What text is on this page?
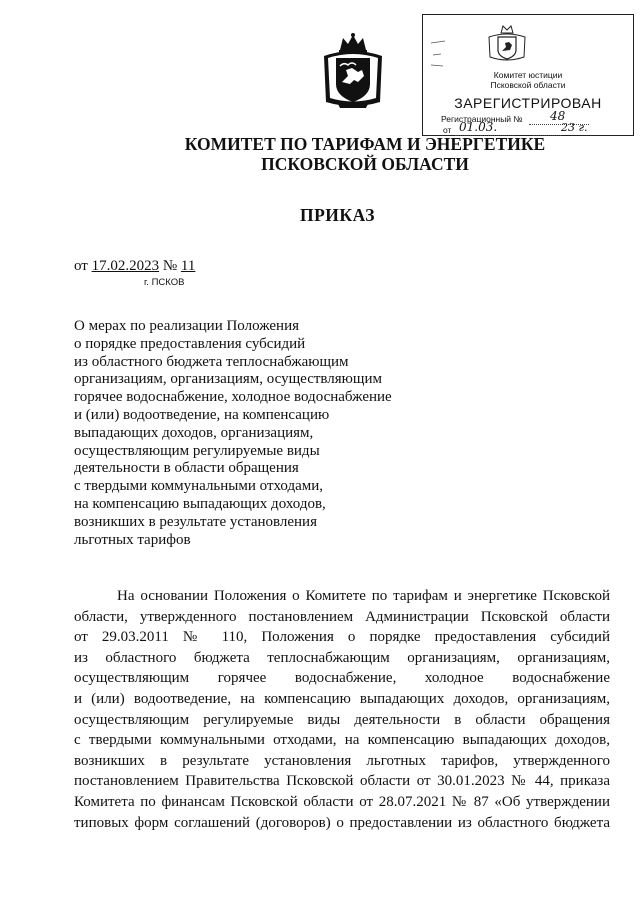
Комитет юстиции
Псковской области
ЗАРЕГИСТРИРОВАН
Регистрационный № 48
от 01.03.	23 г.
КОМИТЕТ ПО ТАРИФАМ И ЭНЕРГЕТИКЕ
ПСКОВСКОЙ ОБЛАСТИ
ПРИКАЗ
от 17.02.2023 № 11
г. ПСКОВ
О мерах по реализации Положения
о порядке предоставления субсидий
из областного бюджета теплоснабжающим
организациям, организациям, осуществляющим
горячее водоснабжение, холодное водоснабжение
и (или) водоотведение, на компенсацию
выпадающих доходов, организациям,
осуществляющим регулируемые виды
деятельности в области обращения
с твердыми коммунальными отходами,
на компенсацию выпадающих доходов,
возникших в результате установления
льготных тарифов
На основании Положения о Комитете по тарифам и энергетике Псковской
области, утвержденного постановлением Администрации Псковской области
от 29.03.2011 № 110, Положения о порядке предоставления субсидий
из областного бюджета теплоснабжающим организациям, организациям,
осуществляющим горячее водоснабжение, холодное водоснабжение
и (или) водоотведение, на компенсацию выпадающих доходов, организациям,
осуществляющим регулируемые виды деятельности в области обращения
с твердыми коммунальными отходами, на компенсацию выпадающих доходов,
возникших в результате установления льготных тарифов, утвержденного
постановлением Правительства Псковской области от 30.01.2023 № 44, приказа
Комитета по финансам Псковской области от 28.07.2021 № 87 «Об утверждении
типовых форм соглашений (договоров) о предоставлении из областного бюджета
